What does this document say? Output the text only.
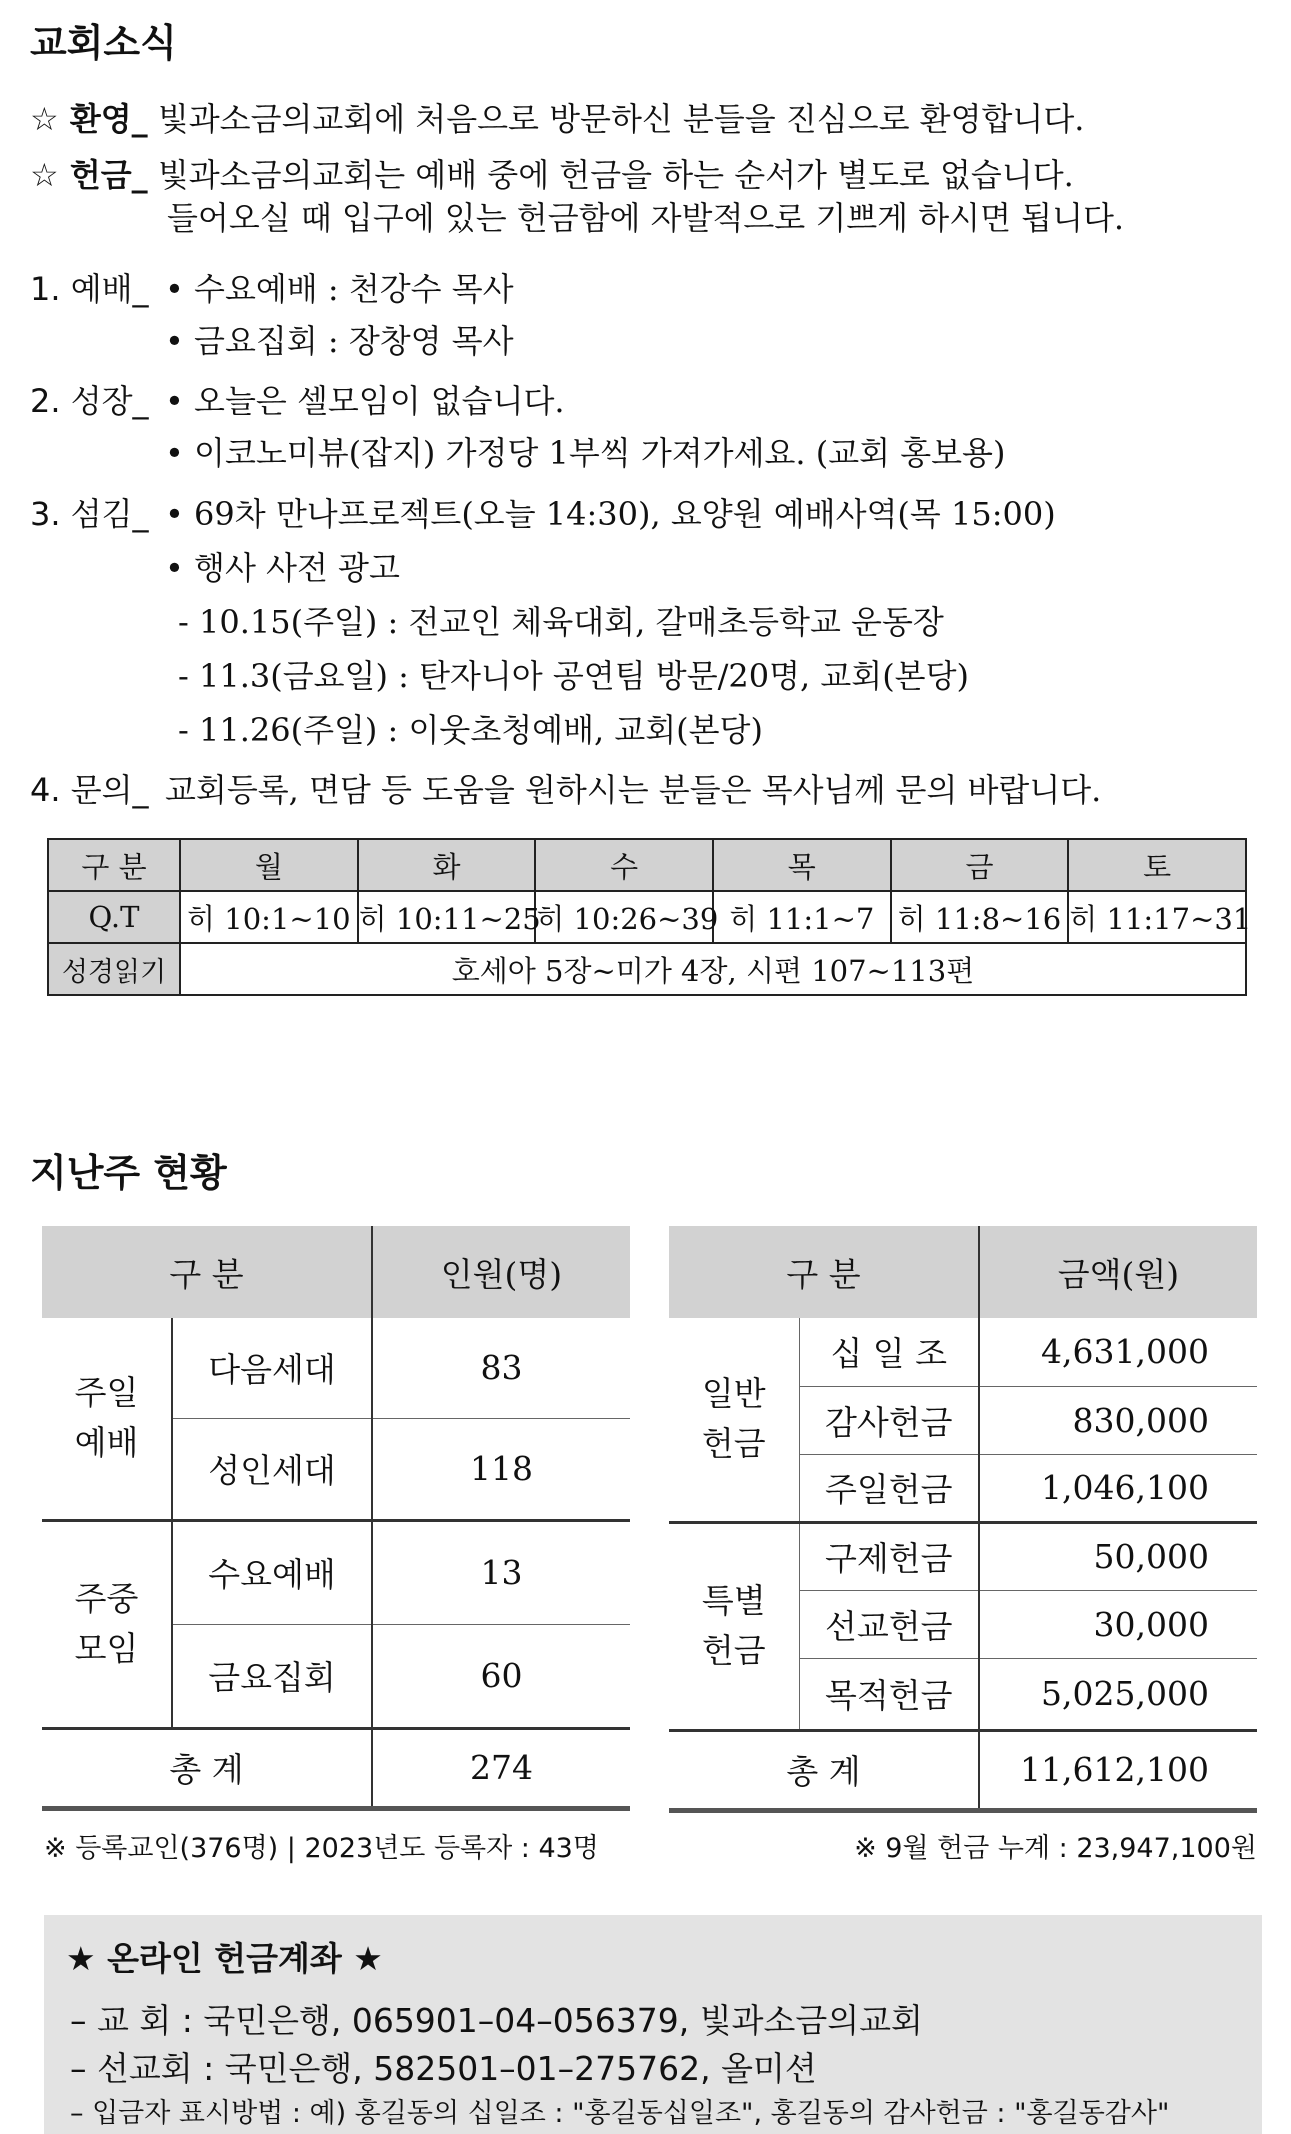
교회소식
☆ 환영_ 빛과소금의교회에 처음으로 방문하신 분들을 진심으로 환영합니다.
☆ 헌금_ 빛과소금의교회는 예배 중에 헌금을 하는 순서가 별도로 없습니다.
들어오실 때 입구에 있는 헌금함에 자발적으로 기쁘게 하시면 됩니다.
1. 예배_ • 수요예배 : 천강수 목사
• 금요집회 : 장창영 목사
2. 성장_ • 오늘은 셀모임이 없습니다.
• 이코노미뷰(잡지) 가정당 1부씩 가져가세요. (교회 홍보용)
3. 섬김_ • 69차 만나프로젝트(오늘 14:30), 요양원 예배사역(목 15:00)
• 행사 사전 광고
- 10.15(주일) : 전교인 체육대회, 갈매초등학교 운동장
- 11.3(금요일) : 탄자니아 공연팀 방문/20명, 교회(본당)
- 11.26(주일) : 이웃초청예배, 교회(본당)
4. 문의_ 교회등록, 면담 등 도움을 원하시는 분들은 목사님께 문의 바랍니다.
구 분	월	화	수	목	금	토
Q.T	히 10:1~10	히 10:11~25	히 10:26~39	히 11:1~7	히 11:8~16	히 11:17~31
성경읽기	호세아 5장~미가 4장, 시편 107~113편					
지난주 현황
구 분		인원(명)
주일
예배	다음세대	83
	성인세대	118
주중
모임	수요예배	13
	금요집회	60
총 계		274
구 분		금액(원)
일반
헌금	십 일 조	4,631,000
	감사헌금	830,000
	주일헌금	1,046,100
특별
헌금	구제헌금	50,000
	선교헌금	30,000
	목적헌금	5,025,000
총 계		11,612,100
※ 등록교인(376명) | 2023년도 등록자 : 43명	※ 9월 헌금 누계 : 23,947,100원
★ 온라인 헌금계좌 ★
– 교 회 : 국민은행, 065901–04–056379, 빛과소금의교회
– 선교회 : 국민은행, 582501–01–275762, 올미션
– 입금자 표시방법 : 예) 홍길동의 십일조 : "홍길동십일조", 홍길동의 감사헌금 : "홍길동감사"
